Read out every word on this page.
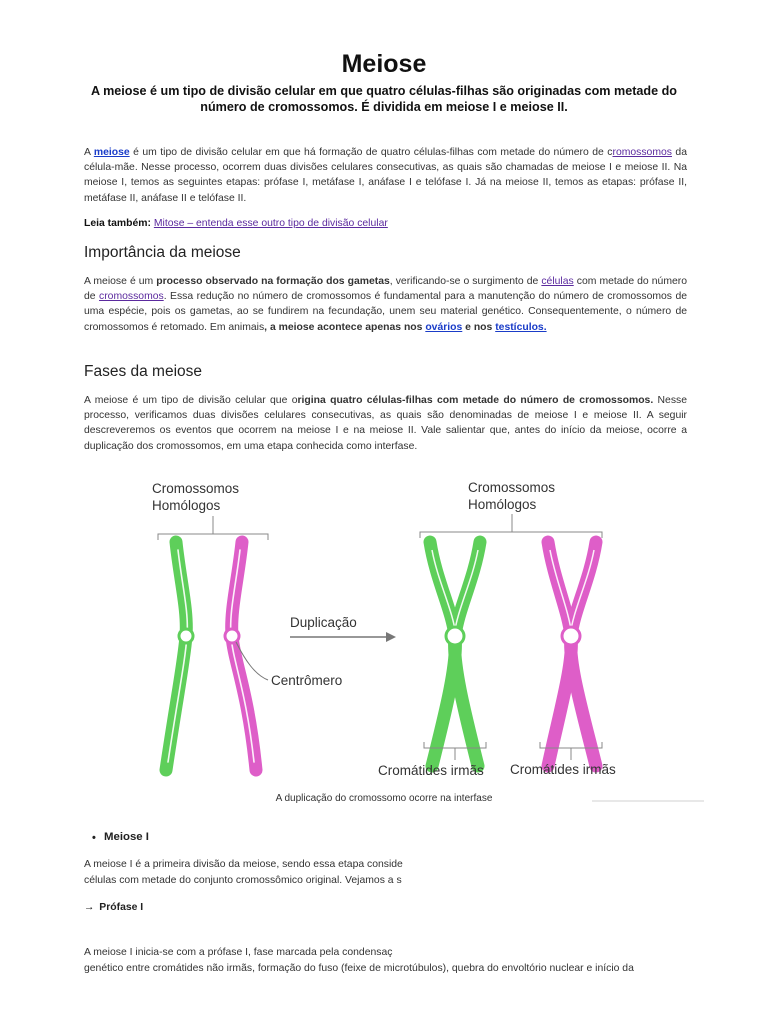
Meiose

A meiose é um tipo de divisão celular em que quatro células-filhas são originadas com metade do número de cromossomos. É dividida em meiose I e meiose II.

A meiose é um tipo de divisão celular em que há formação de quatro células-filhas com metade do número de cromossomos da célula-mãe. Nesse processo, ocorrem duas divisões celulares consecutivas, as quais são chamadas de meiose I e meiose II. Na meiose I, temos as seguintes etapas: prófase I, metáfase I, anáfase I e telófase I. Já na meiose II, temos as etapas: prófase II, metáfase II, anáfase II e telófase II.

Leia também: Mitose – entenda esse outro tipo de divisão celular
Importância da meiose

A meiose é um processo observado na formação dos gametas, verificando-se o surgimento de células com metade do número de cromossomos. Essa redução no número de cromossomos é fundamental para a manutenção do número de cromossomos de uma espécie, pois os gametas, ao se fundirem na fecundação, unem seu material genético. Consequentemente, o número de cromossomos é retomado. Em animais, a meiose acontece apenas nos ovários e nos testículos.

Fases da meiose

A meiose é um tipo de divisão celular que origina quatro células-filhas com metade do número de cromossomos. Nesse processo, verificamos duas divisões celulares consecutivas, as quais são denominadas de meiose I e meiose II. A seguir descreveremos os eventos que ocorrem na meiose I e na meiose II. Vale salientar que, antes do início da meiose, ocorre a duplicação dos cromossomos, em uma etapa conhecida como interfase.

Cromossomos
Homólogos
Centrômero
Duplicação
Cromossomos
Homólogos
Cromátides irmãs Cromátides irmãs
A duplicação do cromossomo ocorre na interfase
• Meiose I
A meiose I é a primeira divisão da meiose, sendo essa etapa conside
células com metade do conjunto cromossômico original. Vejamos a s
→ Prófase I
A meiose I inicia-se com a prófase I, fase marcada pela condensaç
genético entre cromátides não irmãs, formação do fuso (feixe de microtúbulos), quebra do envoltório nuclear e início da
